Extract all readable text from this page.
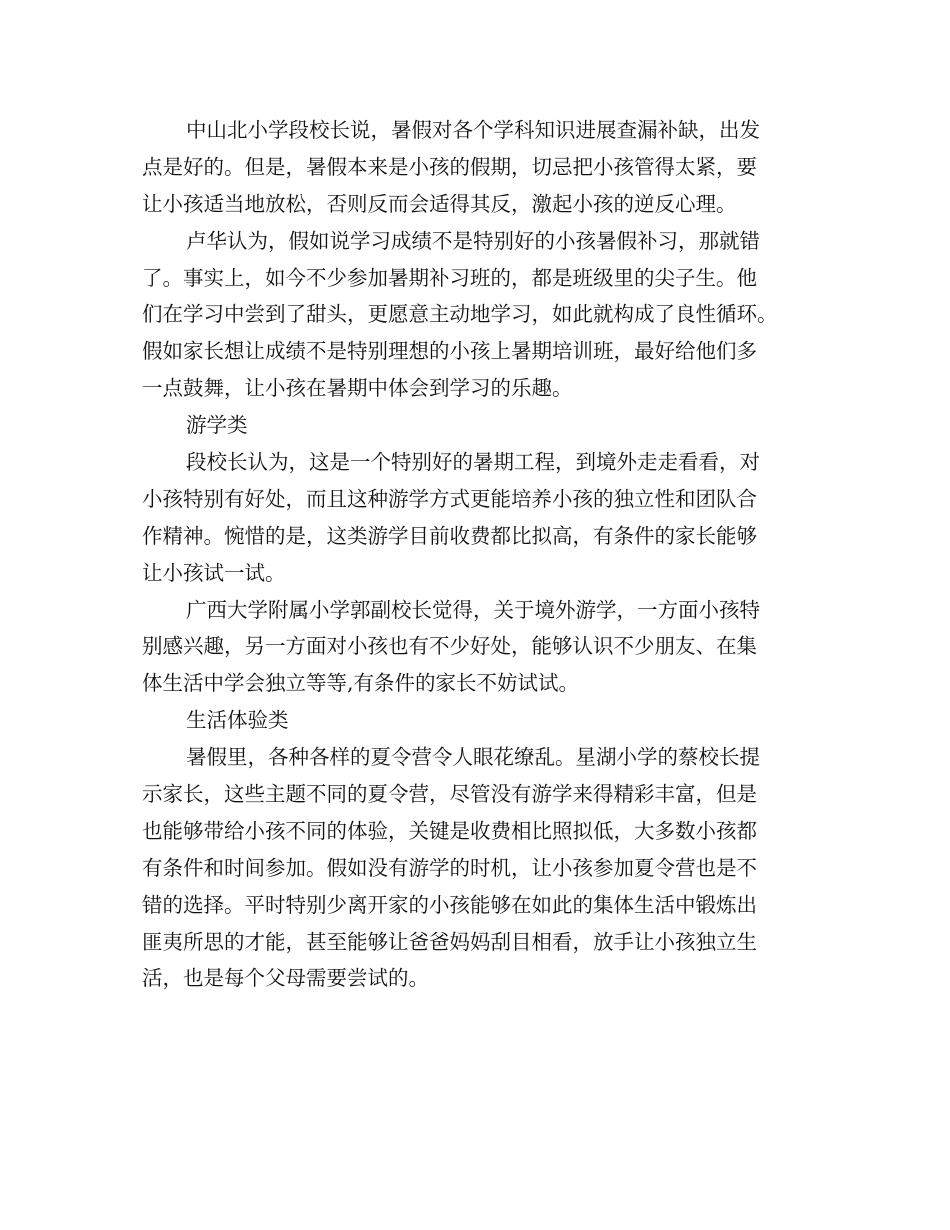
中山北小学段校长说，暑假对各个学科知识进展查漏补缺，出发
点是好的。但是，暑假本来是小孩的假期，切忌把小孩管得太紧，要
让小孩适当地放松，否则反而会适得其反，激起小孩的逆反心理。
卢华认为，假如说学习成绩不是特别好的小孩暑假补习，那就错
了。事实上，如今不少参加暑期补习班的，都是班级里的尖子生。他
们在学习中尝到了甜头，更愿意主动地学习，如此就构成了良性循环。
假如家长想让成绩不是特别理想的小孩上暑期培训班，最好给他们多
一点鼓舞，让小孩在暑期中体会到学习的乐趣。
游学类
段校长认为，这是一个特别好的暑期工程，到境外走走看看，对
小孩特别有好处，而且这种游学方式更能培养小孩的独立性和团队合
作精神。惋惜的是，这类游学目前收费都比拟高，有条件的家长能够
让小孩试一试。
广西大学附属小学郭副校长觉得，关于境外游学，一方面小孩特
别感兴趣，另一方面对小孩也有不少好处，能够认识不少朋友、在集
体生活中学会独立等等,有条件的家长不妨试试。
生活体验类
暑假里，各种各样的夏令营令人眼花缭乱。星湖小学的蔡校长提
示家长，这些主题不同的夏令营，尽管没有游学来得精彩丰富，但是
也能够带给小孩不同的体验，关键是收费相比照拟低，大多数小孩都
有条件和时间参加。假如没有游学的时机，让小孩参加夏令营也是不
错的选择。平时特别少离开家的小孩能够在如此的集体生活中锻炼出
匪夷所思的才能，甚至能够让爸爸妈妈刮目相看，放手让小孩独立生
活，也是每个父母需要尝试的。
